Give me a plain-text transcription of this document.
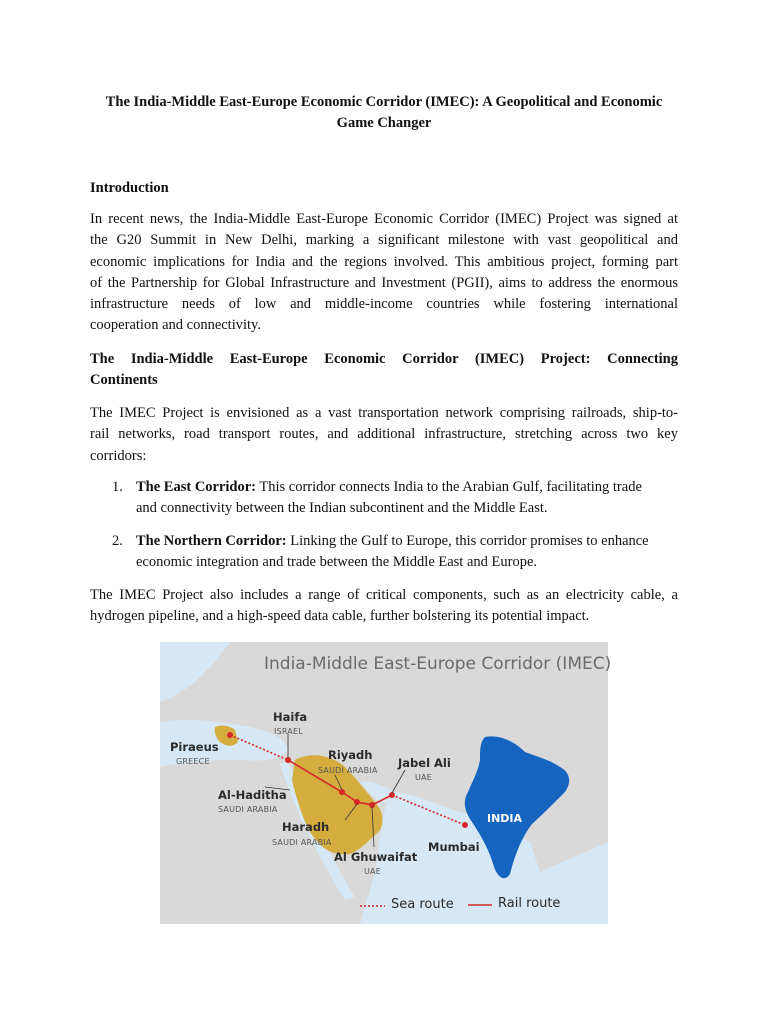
The India-Middle East-Europe Economic Corridor (IMEC): A Geopolitical and Economic
Game Changer
Introduction
In recent news, the India-Middle East-Europe Economic Corridor (IMEC) Project was signed at
the G20 Summit in New Delhi, marking a significant milestone with vast geopolitical and
economic implications for India and the regions involved. This ambitious project, forming part
of the Partnership for Global Infrastructure and Investment (PGII), aims to address the enormous
infrastructure needs of low and middle-income countries while fostering international
cooperation and connectivity.
The India-Middle East-Europe Economic Corridor (IMEC) Project: Connecting
Continents
The IMEC Project is envisioned as a vast transportation network comprising railroads, ship-to-
rail networks, road transport routes, and additional infrastructure, stretching across two key
corridors:
1. The East Corridor: This corridor connects India to the Arabian Gulf, facilitating trade
and connectivity between the Indian subcontinent and the Middle East.
2. The Northern Corridor: Linking the Gulf to Europe, this corridor promises to enhance
economic integration and trade between the Middle East and Europe.
The IMEC Project also includes a range of critical components, such as an electricity cable, a
hydrogen pipeline, and a high-speed data cable, further bolstering its potential impact.
India-Middle East-Europe Corridor (IMEC)
Haifa
ISRAEL
Piraeus
GREECE	Riyadh
SAUDI ARABIA
Jabel Ali
UAE
Al-Haditha
SAUDI ARABIA
INDIA
Haradh
SAUDI ARABIA	Mumbai
Al Ghuwaifat
UAE
Sea route	Rail route
